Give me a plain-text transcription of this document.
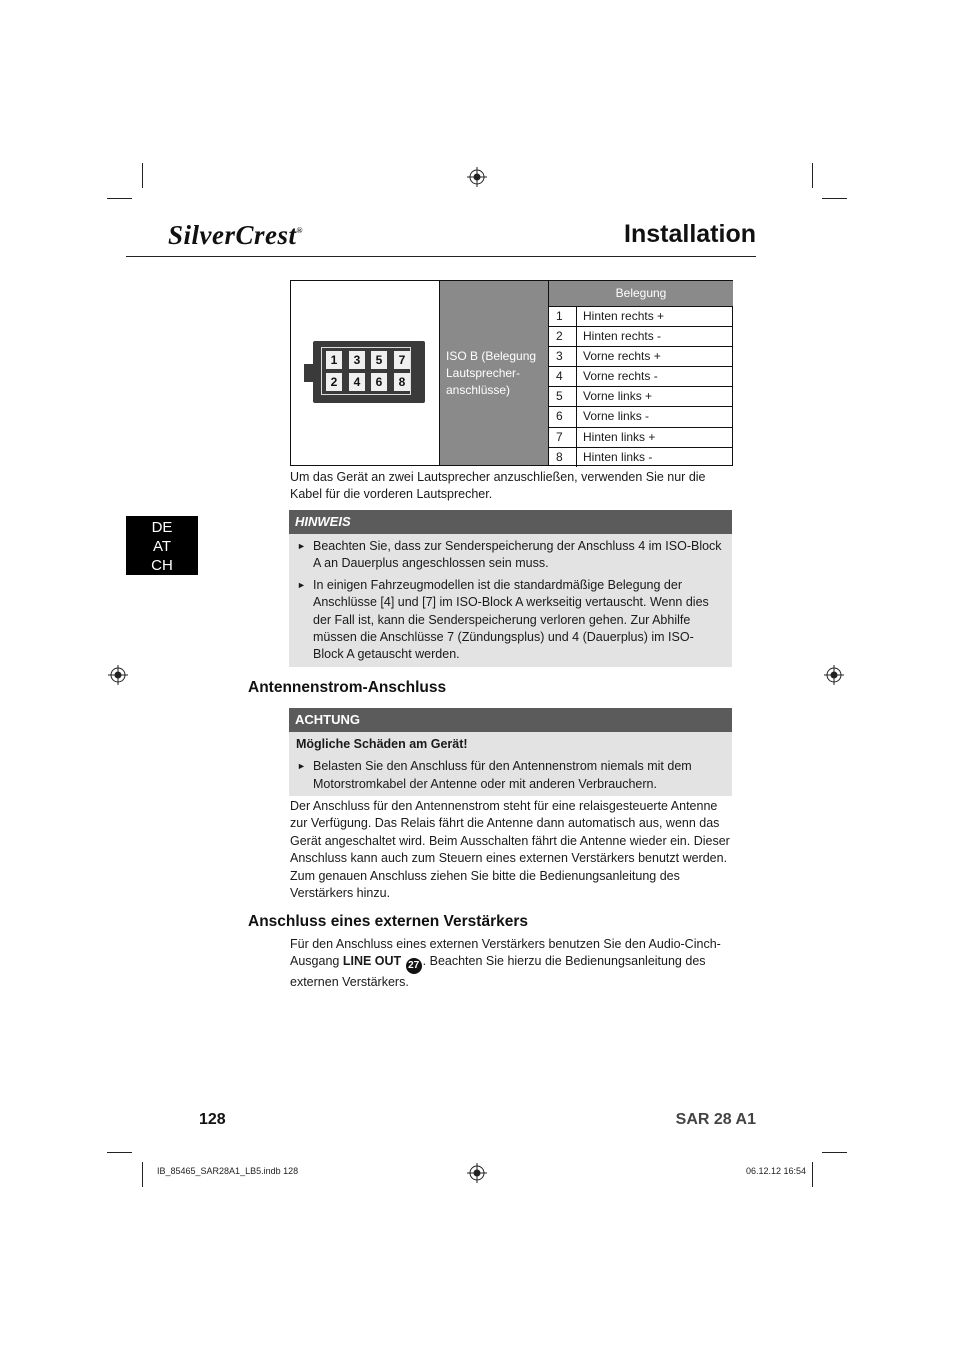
SilverCrest®	Installation
DE
AT
CH
1	3	5	7
2	4	6	8
ISO B (Belegung Lautsprecher-anschlüsse)
Belegung
1	Hinten rechts +
2	Hinten rechts -
3	Vorne rechts +
4	Vorne rechts -
5	Vorne links +
6	Vorne links -
7	Hinten links +
8	Hinten links -
Um das Gerät an zwei Lautsprecher anzuschließen, verwenden Sie nur die Kabel für die vorderen Lautsprecher.
HINWEIS
► Beachten Sie, dass zur Senderspeicherung der Anschluss 4 im ISO-Block A an Dauerplus angeschlossen sein muss.
► In einigen Fahrzeugmodellen ist die standardmäßige Belegung der Anschlüsse [4] und [7] im ISO-Block A werkseitig vertauscht. Wenn dies der Fall ist, kann die Senderspeicherung verloren gehen. Zur Abhilfe müssen die Anschlüsse 7 (Zündungsplus) und 4 (Dauerplus) im ISO-Block A getauscht werden.
Antennenstrom-Anschluss
ACHTUNG
Mögliche Schäden am Gerät!
► Belasten Sie den Anschluss für den Antennenstrom niemals mit dem Motorstromkabel der Antenne oder mit anderen Verbrauchern.
Der Anschluss für den Antennenstrom steht für eine relaisgesteuerte Antenne zur Verfügung. Das Relais fährt die Antenne dann automatisch aus, wenn das Gerät angeschaltet wird. Beim Ausschalten fährt die Antenne wieder ein. Dieser Anschluss kann auch zum Steuern eines externen Verstärkers benutzt werden. Zum genauen Anschluss ziehen Sie bitte die Bedienungsanleitung des Verstärkers hinzu.
Anschluss eines externen Verstärkers
Für den Anschluss eines externen Verstärkers benutzen Sie den Audio-Cinch-Ausgang LINE OUT 27 . Beachten Sie hierzu die Bedienungsanleitung des externen Verstärkers.
128	SAR 28 A1
IB_85465_SAR28A1_LB5.indb 128	06.12.12 16:54
